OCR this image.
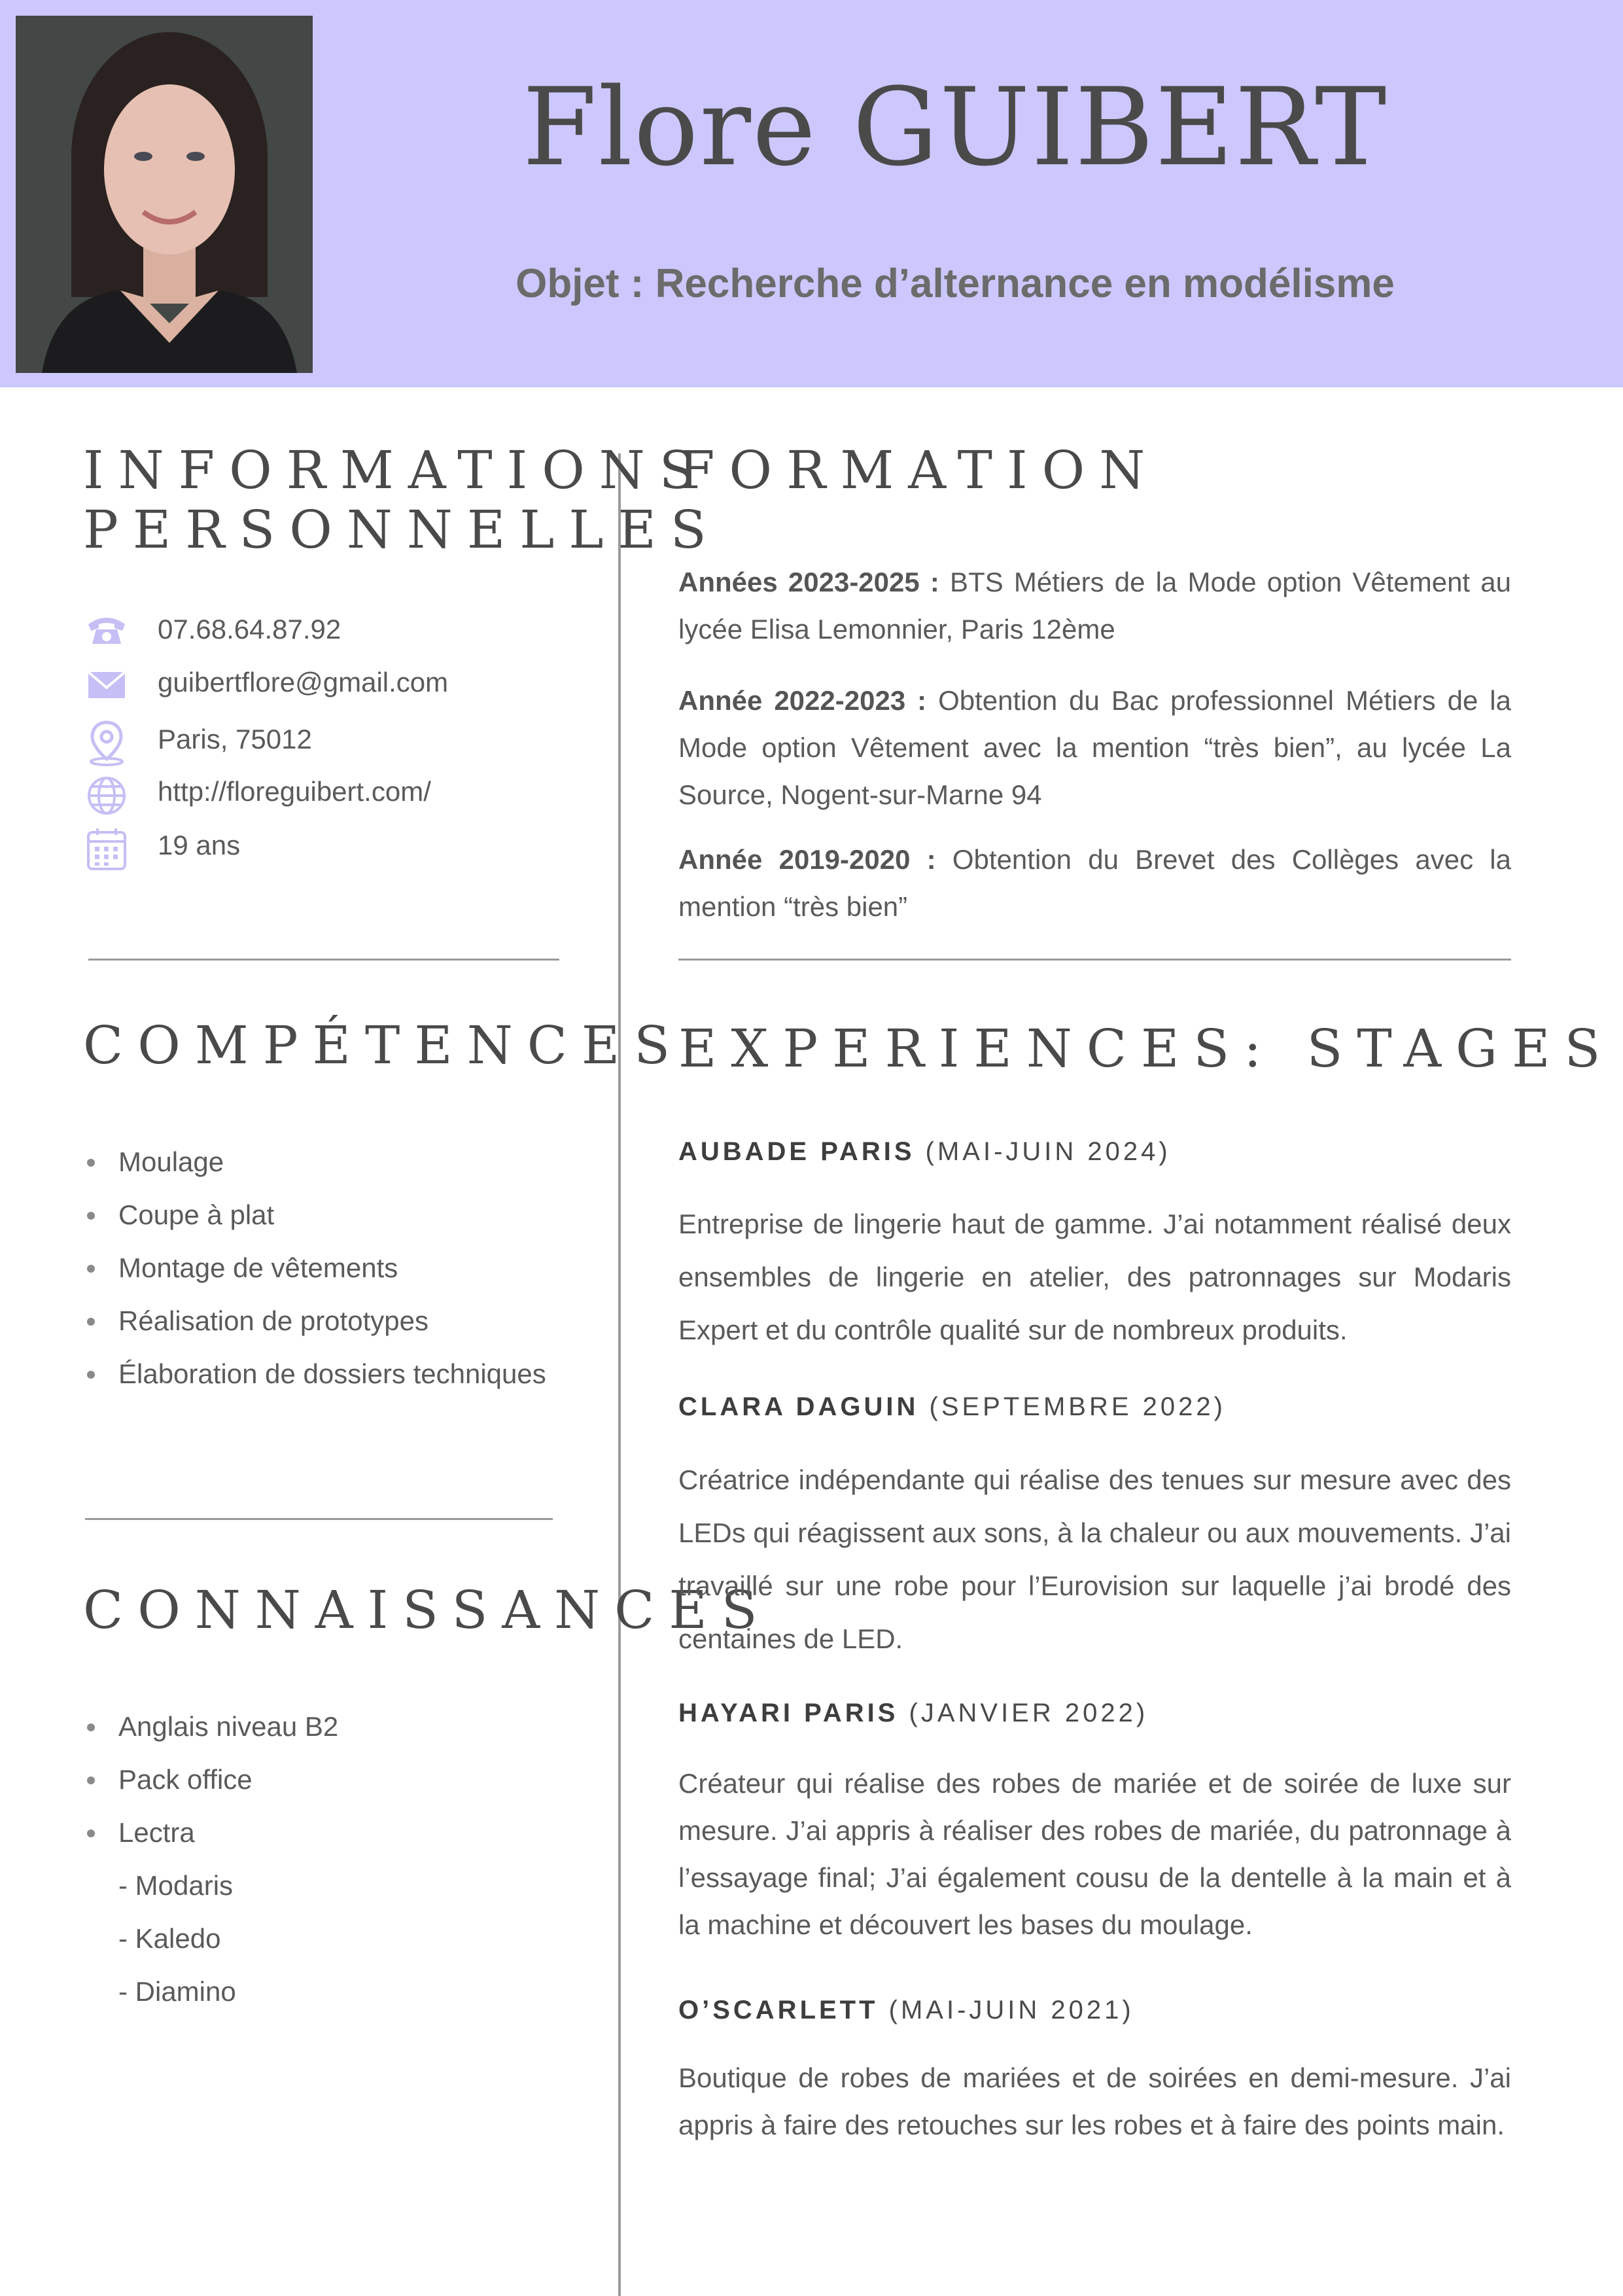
Flore GUIBERT
Objet : Recherche d’alternance en modélisme
INFORMATIONS
PERSONNELLES
07.68.64.87.92
guibertflore@gmail.com
Paris, 75012
http://floreguibert.com/
19 ans
COMPÉTENCES
Moulage
Coupe à plat
Montage de vêtements
Réalisation de prototypes
Élaboration de dossiers techniques
CONNAISSANCES
Anglais niveau B2
Pack office
Lectra
- Modaris
- Kaledo
- Diamino
FORMATION
Années 2023-2025 : BTS Métiers de la Mode option Vêtement au lycée Elisa Lemonnier, Paris 12ème
Année 2022-2023 : Obtention du Bac professionnel Métiers de la Mode option Vêtement avec la mention “très bien”, au lycée La Source, Nogent-sur-Marne 94
Année 2019-2020 : Obtention du Brevet des Collèges avec la mention “très bien”
EXPERIENCES: STAGES
AUBADE PARIS (MAI-JUIN 2024)
Entreprise de lingerie haut de gamme. J’ai notamment réalisé deux ensembles de lingerie en atelier, des patronnages sur Modaris Expert et du contrôle qualité sur de nombreux produits.
CLARA DAGUIN (SEPTEMBRE 2022)
Créatrice indépendante qui réalise des tenues sur mesure avec des LEDs qui réagissent aux sons, à la chaleur ou aux mouvements. J’ai travaillé sur une robe pour l’Eurovision sur laquelle j’ai brodé des centaines de LED.
HAYARI PARIS (JANVIER 2022)
Créateur qui réalise des robes de mariée et de soirée de luxe sur mesure. J’ai appris à réaliser des robes de mariée, du patronnage à l’essayage final; J’ai également cousu de la dentelle à la main et à la machine et découvert les bases du moulage.
O’SCARLETT (MAI-JUIN 2021)
Boutique de robes de mariées et de soirées en demi-mesure. J’ai appris à faire des retouches sur les robes et à faire des points main.
